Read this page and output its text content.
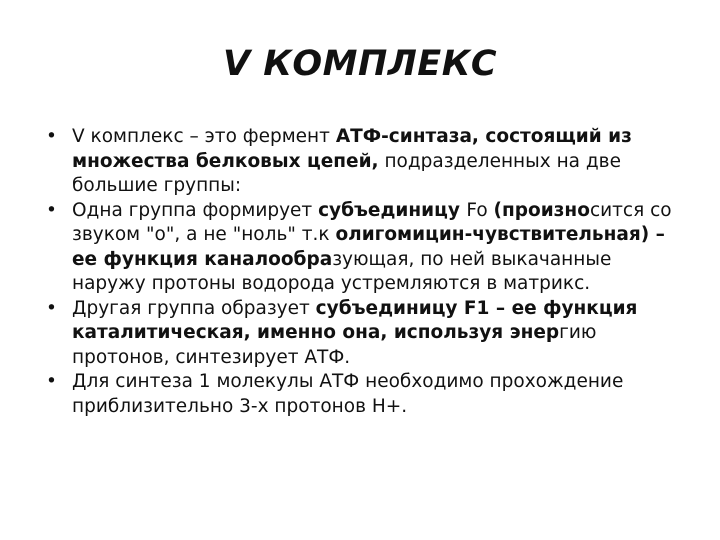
V КОМПЛЕКС
• V комплекс – это фермент АТФ-синтаза, состоящий из множества белковых цепей, подразделенных на две большие группы:
• Одна группа формирует субъединицу Fo (произносится со звуком "о", а не "ноль" т.к олигомицин-чувствительная) – ее функция каналообразующая, по ней выкачанные наружу протоны водорода устремляются в матрикс.
• Другая группа образует субъединицу F1 – ее функция каталитическая, именно она, используя энергию протонов, синтезирует АТФ.
• Для синтеза 1 молекулы АТФ необходимо прохождение приблизительно 3-х протонов Н+.
